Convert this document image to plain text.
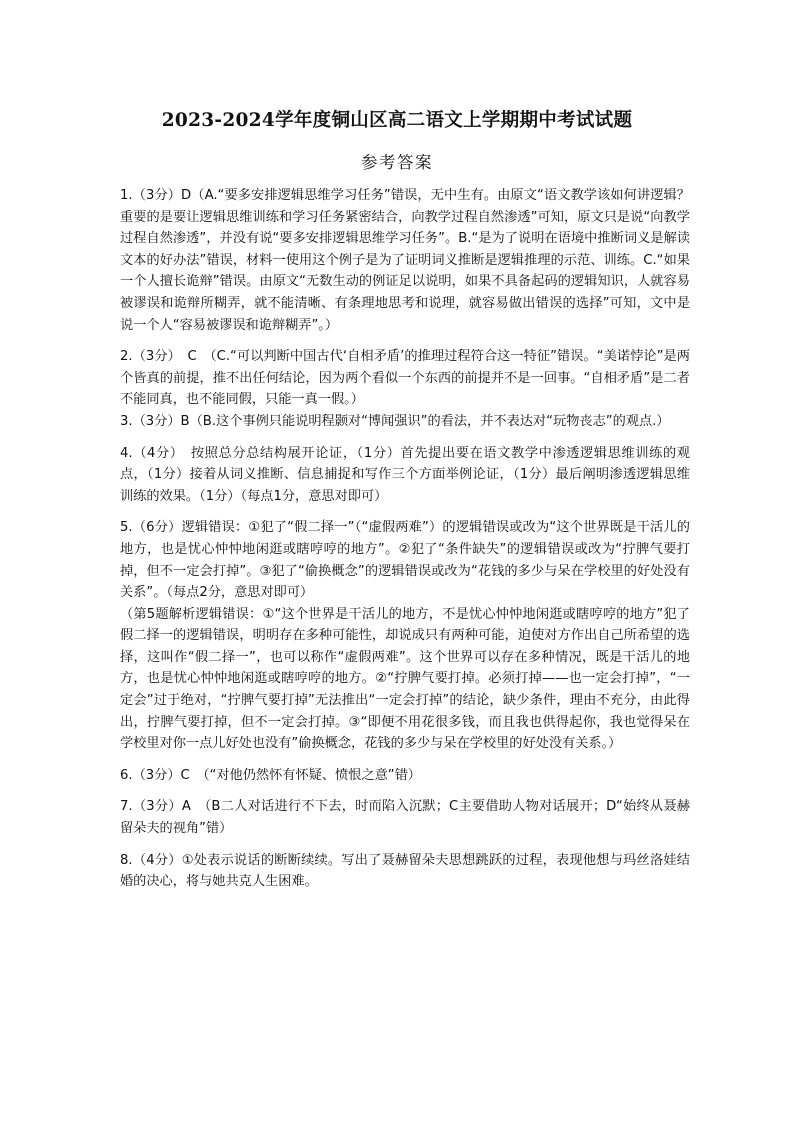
2023-2024学年度铜山区高二语文上学期期中考试试题
参考答案

1.（3分）D（A.“要多安排逻辑思维学习任务”错误，无中生有。由原文“语文教学该如何讲逻辑？重要的是要让逻辑思维训练和学习任务紧密结合，向教学过程自然渗透”可知，原文只是说“向教学过程自然渗透”，并没有说“要多安排逻辑思维学习任务”。B.“是为了说明在语境中推断词义是解读文本的好办法”错误，材料一使用这个例子是为了证明词义推断是逻辑推理的示范、训练。C.“如果一个人擅长诡辩”错误。由原文“无数生动的例证足以说明，如果不具备起码的逻辑知识，人就容易被谬误和诡辩所糊弄，就不能清晰、有条理地思考和说理，就容易做出错误的选择”可知，文中是说一个人“容易被谬误和诡辩糊弄”。）

2.（3分）　C　（C.“可以判断中国古代‘自相矛盾’的推理过程符合这一特征”错误。“美诺悖论”是两个皆真的前提，推不出任何结论，因为两个看似一个东西的前提并不是一回事。“自相矛盾”是二者不能同真，也不能同假，只能一真一假。）

3.（3分）B（B.这个事例只能说明程颢对“博闻强识”的看法，并不表达对“玩物丧志”的观点.）

4.（4分）　按照总分总结构展开论证，（1分）首先提出要在语文教学中渗透逻辑思维训练的观点，（1分）接着从词义推断、信息捕捉和写作三个方面举例论证，（1分）最后阐明渗透逻辑思维训练的效果。（1分）（每点1分，意思对即可）

5.（6分）逻辑错误：①犯了“假二择一”（“虚假两难”）的逻辑错误或改为“这个世界既是干活儿的地方，也是忧心忡忡地闲逛或瞎哼哼的地方”。②犯了“条件缺失”的逻辑错误或改为“拧脾气要打掉，但不一定会打掉”。③犯了“偷换概念”的逻辑错误或改为“花钱的多少与呆在学校里的好处没有关系”。（每点2分，意思对即可）

（第5题解析逻辑错误：①“这个世界是干活儿的地方，不是忧心忡忡地闲逛或瞎哼哼的地方”犯了假二择一的逻辑错误，明明存在多种可能性，却说成只有两种可能，迫使对方作出自己所希望的选择，这叫作“假二择一”，也可以称作“虚假两难”。这个世界可以存在多种情况，既是干活儿的地方，也是忧心忡忡地闲逛或瞎哼哼的地方。②“拧脾气要打掉。必须打掉——也一定会打掉”，“一定会”过于绝对，“拧脾气要打掉”无法推出“一定会打掉”的结论，缺少条件，理由不充分，由此得出，拧脾气要打掉，但不一定会打掉。③“即便不用花很多钱，而且我也供得起你，我也觉得呆在学校里对你一点儿好处也没有”偷换概念，花钱的多少与呆在学校里的好处没有关系。）

6.（3分）C　（“对他仍然怀有怀疑、愤恨之意”错）

7.（3分）A　（B二人对话进行不下去，时而陷入沉默；C主要借助人物对话展开；D“始终从聂赫留朵夫的视角”错）

8.（4分）①处表示说话的断断续续。写出了聂赫留朵夫思想跳跃的过程，表现他想与玛丝洛娃结婚的决心，将与她共克人生困难。
